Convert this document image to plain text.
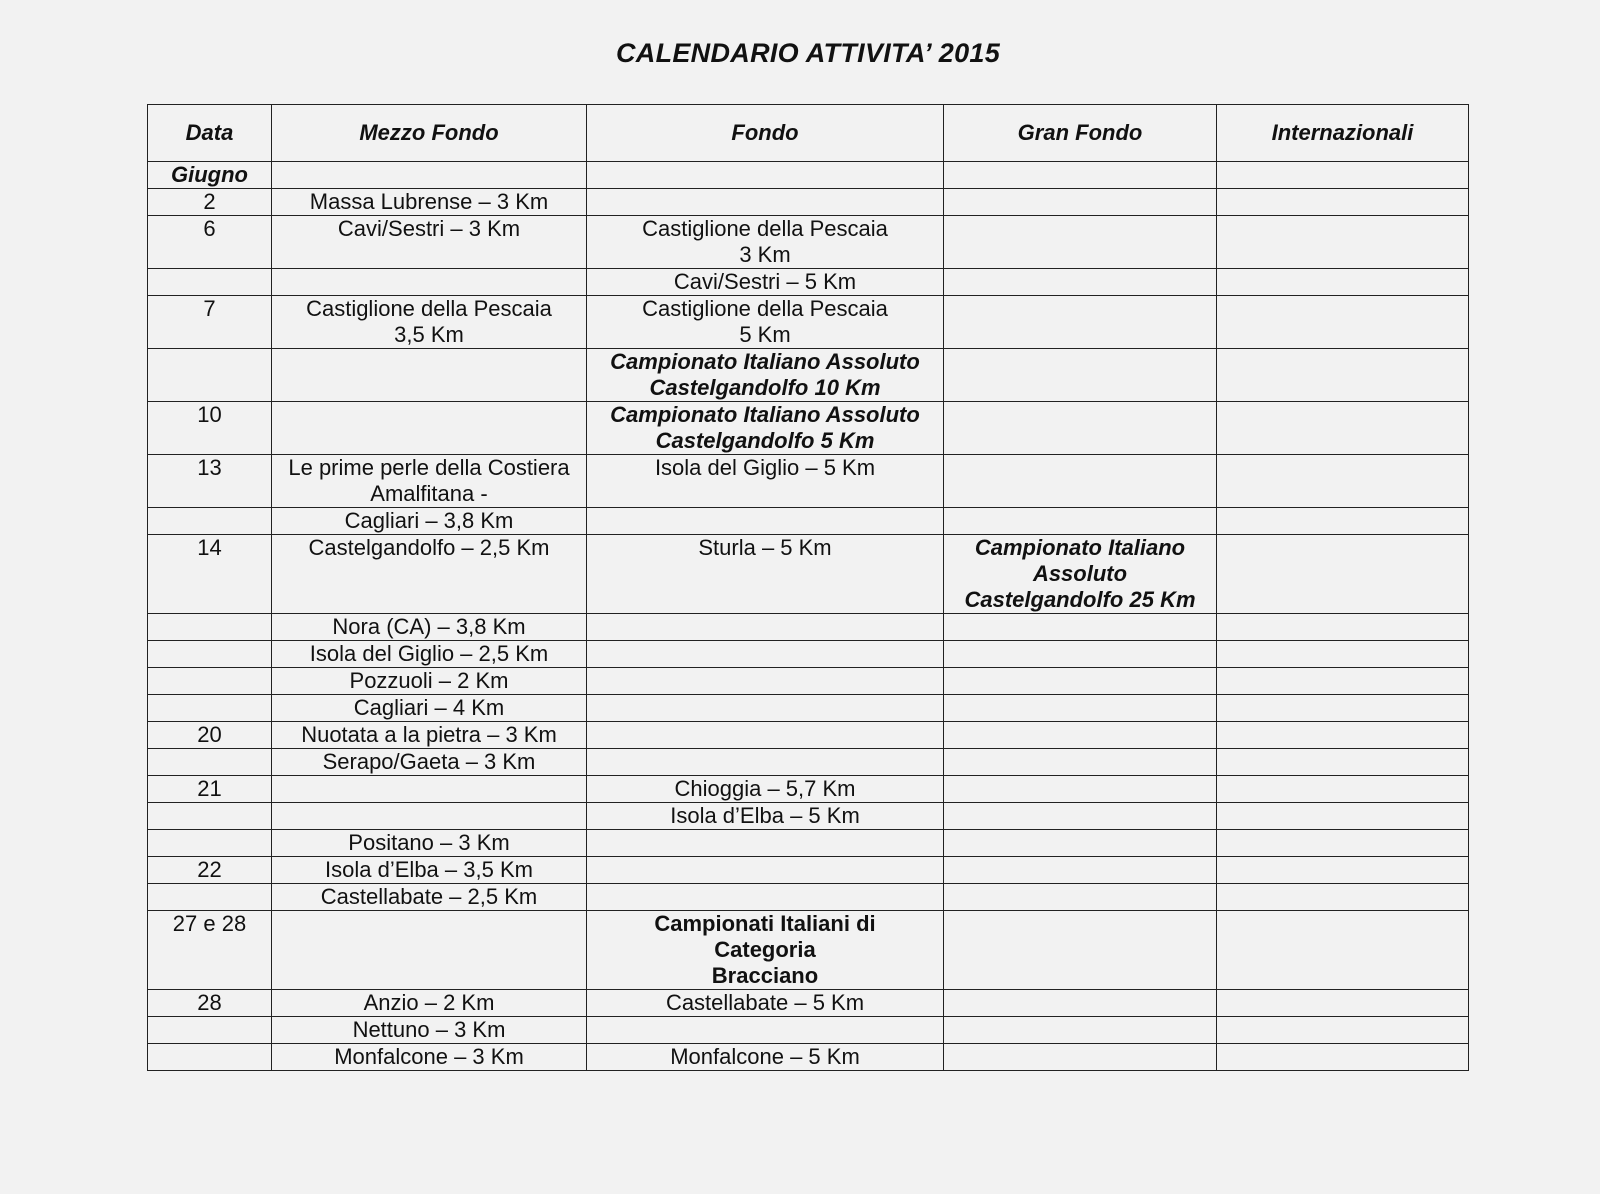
CALENDARIO ATTIVITA’ 2015
Data	Mezzo Fondo	Fondo	Gran Fondo	Internazionali
Giugno				
2	Massa Lubrense – 3 Km			

6	Cavi/Sestri – 3 Km	Castiglione della Pescaia
3 Km		

		Cavi/Sestri – 5 Km		

7	Castiglione della Pescaia
3,5 Km	Castiglione della Pescaia
5 Km		

		Campionato Italiano Assoluto
Castelgandolfo 10 Km		

10		Campionato Italiano Assoluto
Castelgandolfo 5 Km		

13	Le prime perle della Costiera
Amalfitana -	Isola del Giglio – 5 Km		

	Cagliari – 3,8 Km			

14	Castelgandolfo – 2,5 Km	Sturla – 5 Km	Campionato Italiano
Assoluto
Castelgandolfo 25 Km	

	Nora (CA) – 3,8 Km			

	Isola del Giglio – 2,5 Km			

	Pozzuoli – 2 Km			

	Cagliari – 4 Km			

20	Nuotata a la pietra – 3 Km			

	Serapo/Gaeta – 3 Km			

21		Chioggia – 5,7 Km		

		Isola d’Elba – 5 Km		

	Positano – 3 Km			

22	Isola d’Elba – 3,5 Km			

	Castellabate – 2,5 Km			

27 e 28		Campionati Italiani di
Categoria
Bracciano		

28	Anzio – 2 Km	Castellabate – 5 Km		

	Nettuno – 3 Km			

	Monfalcone – 3 Km	Monfalcone – 5 Km		
